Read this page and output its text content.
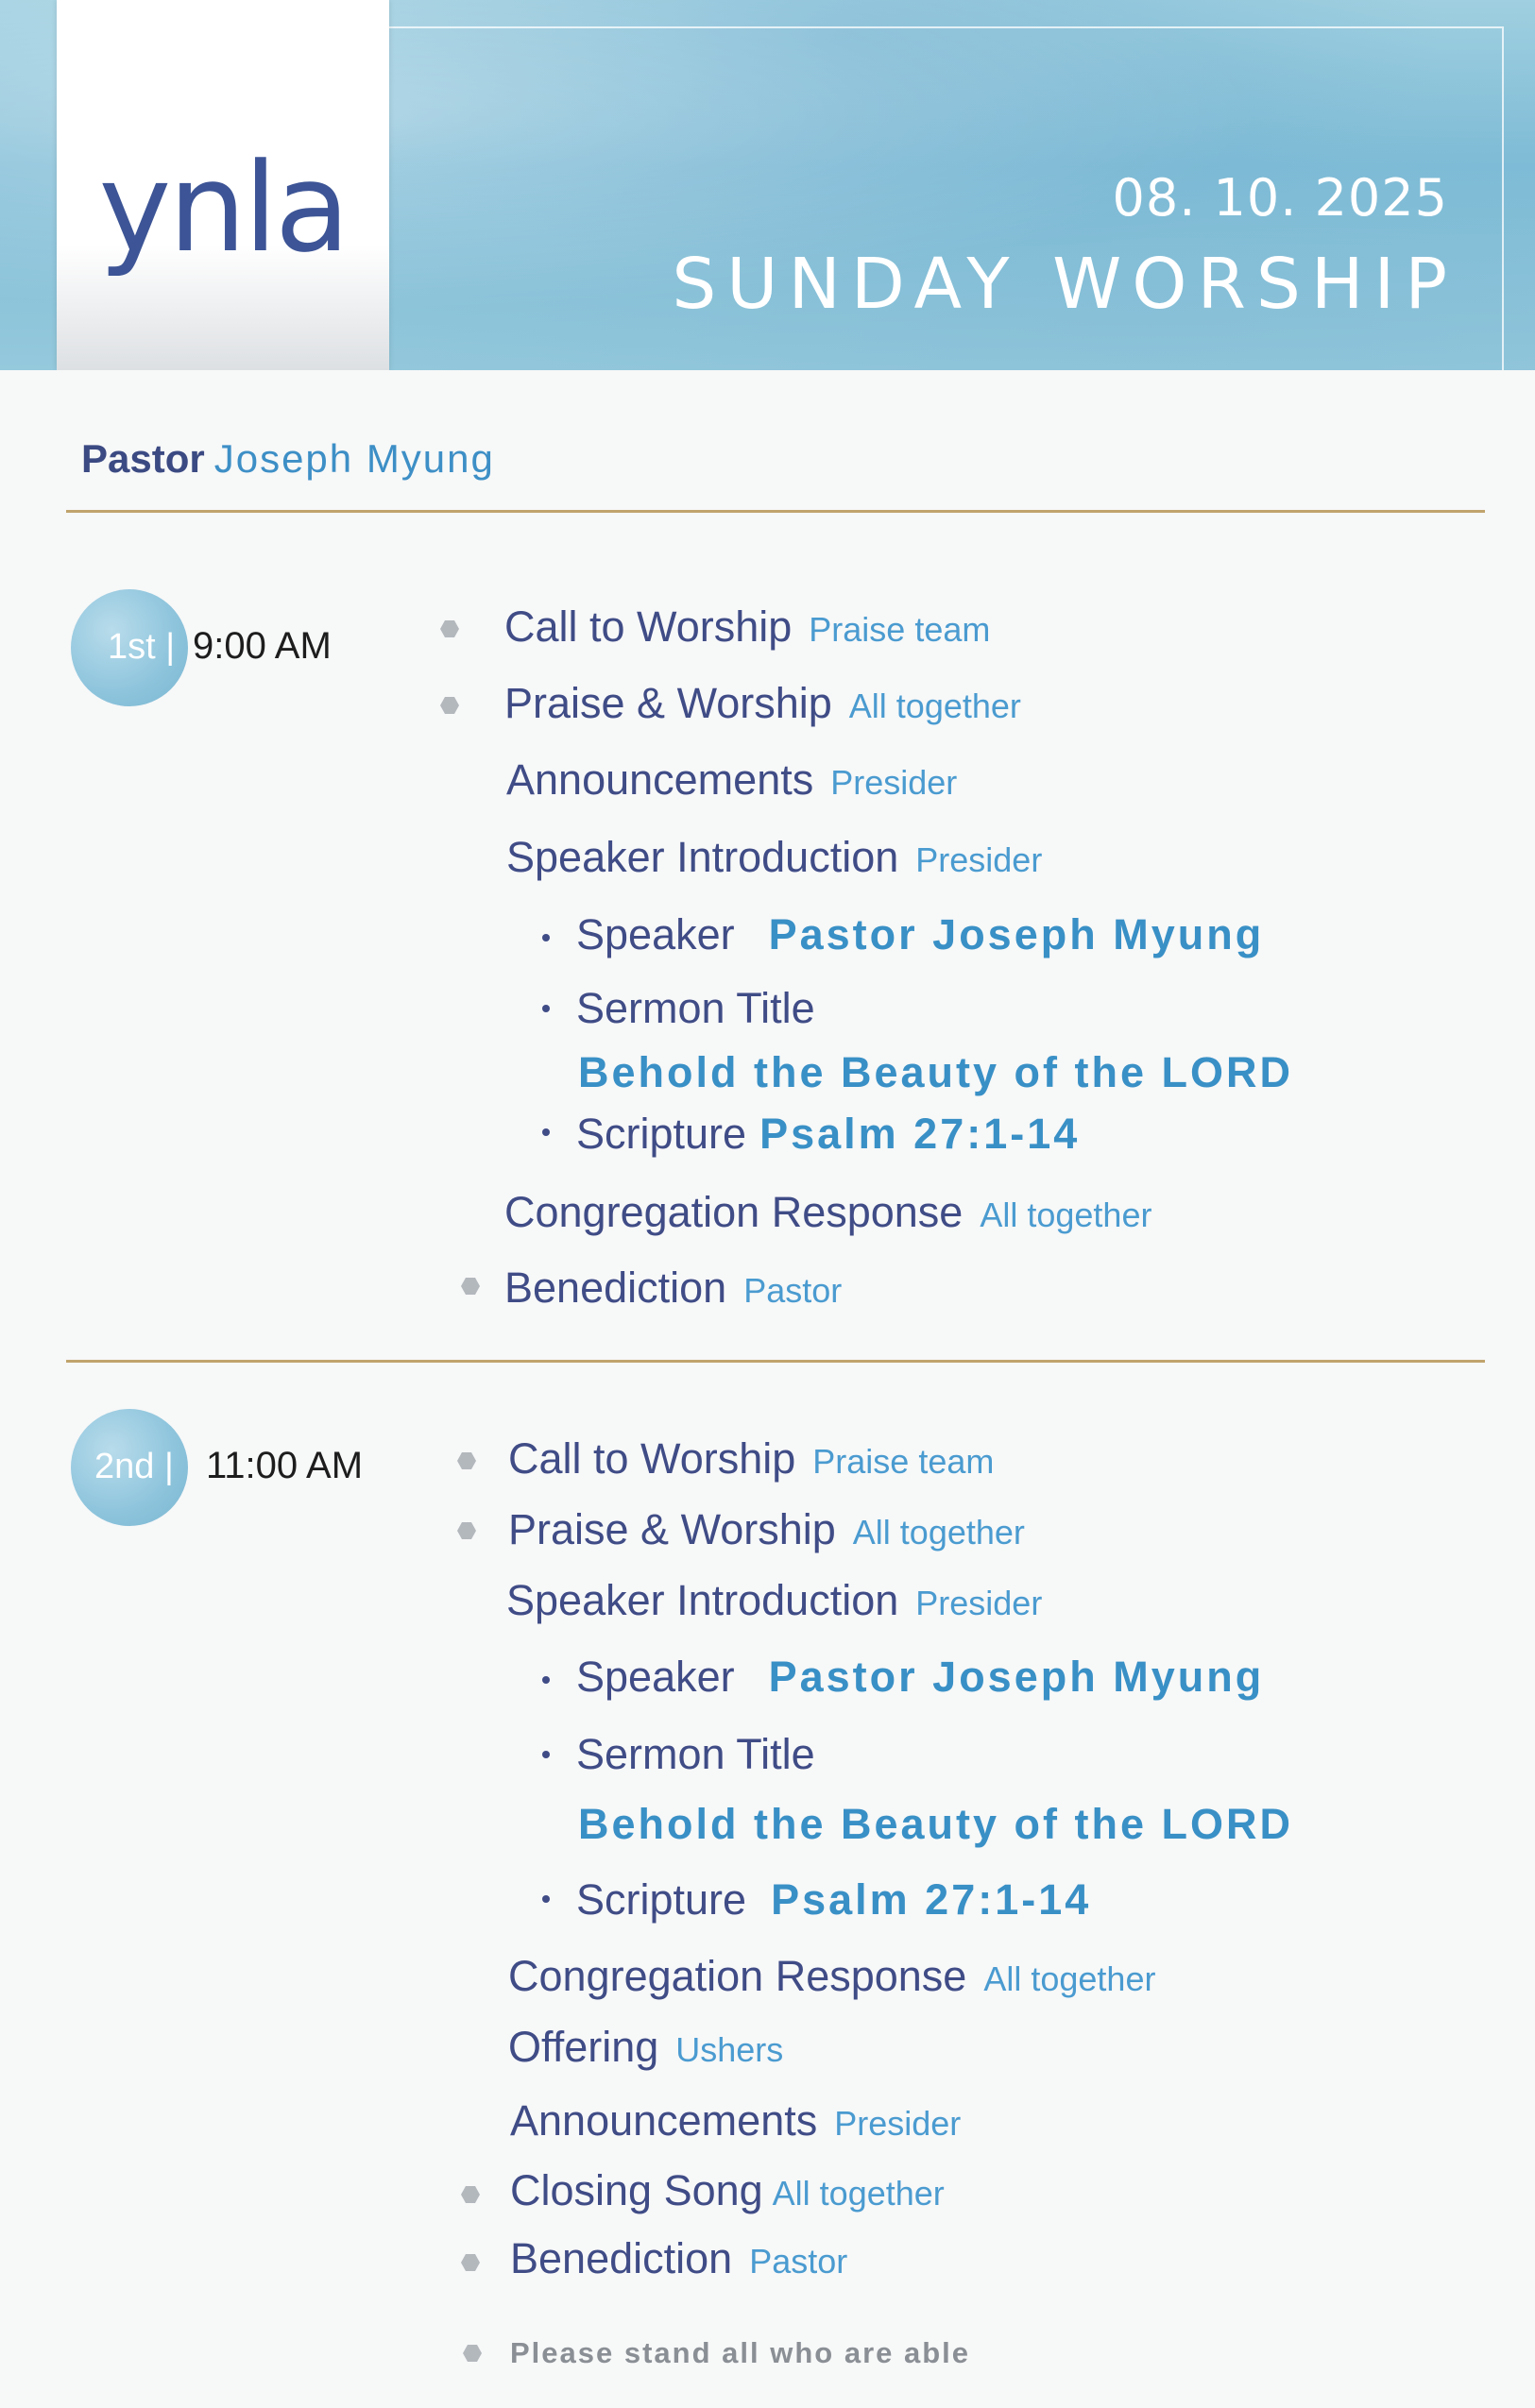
ynla	08. 10. 2025
SUNDAY WORSHIP
Pastor Joseph Myung
1st | 9:00 AM	Call to Worship Praise team
Praise & Worship All together
Announcements Presider
Speaker Introduction Presider
Speaker Pastor Joseph Myung
Sermon Title
Behold the Beauty of the LORD
Scripture Psalm 27:1-14
Congregation Response All together
Benediction Pastor
2nd | 11:00 AM	Call to Worship Praise team
Praise & Worship All together
Speaker Introduction Presider
Speaker Pastor Joseph Myung
Sermon Title
Behold the Beauty of the LORD
Scripture Psalm 27:1-14
Congregation Response All together
Offering Ushers
Announcements Presider
Closing Song All together
Benediction Pastor
Please stand all who are able
